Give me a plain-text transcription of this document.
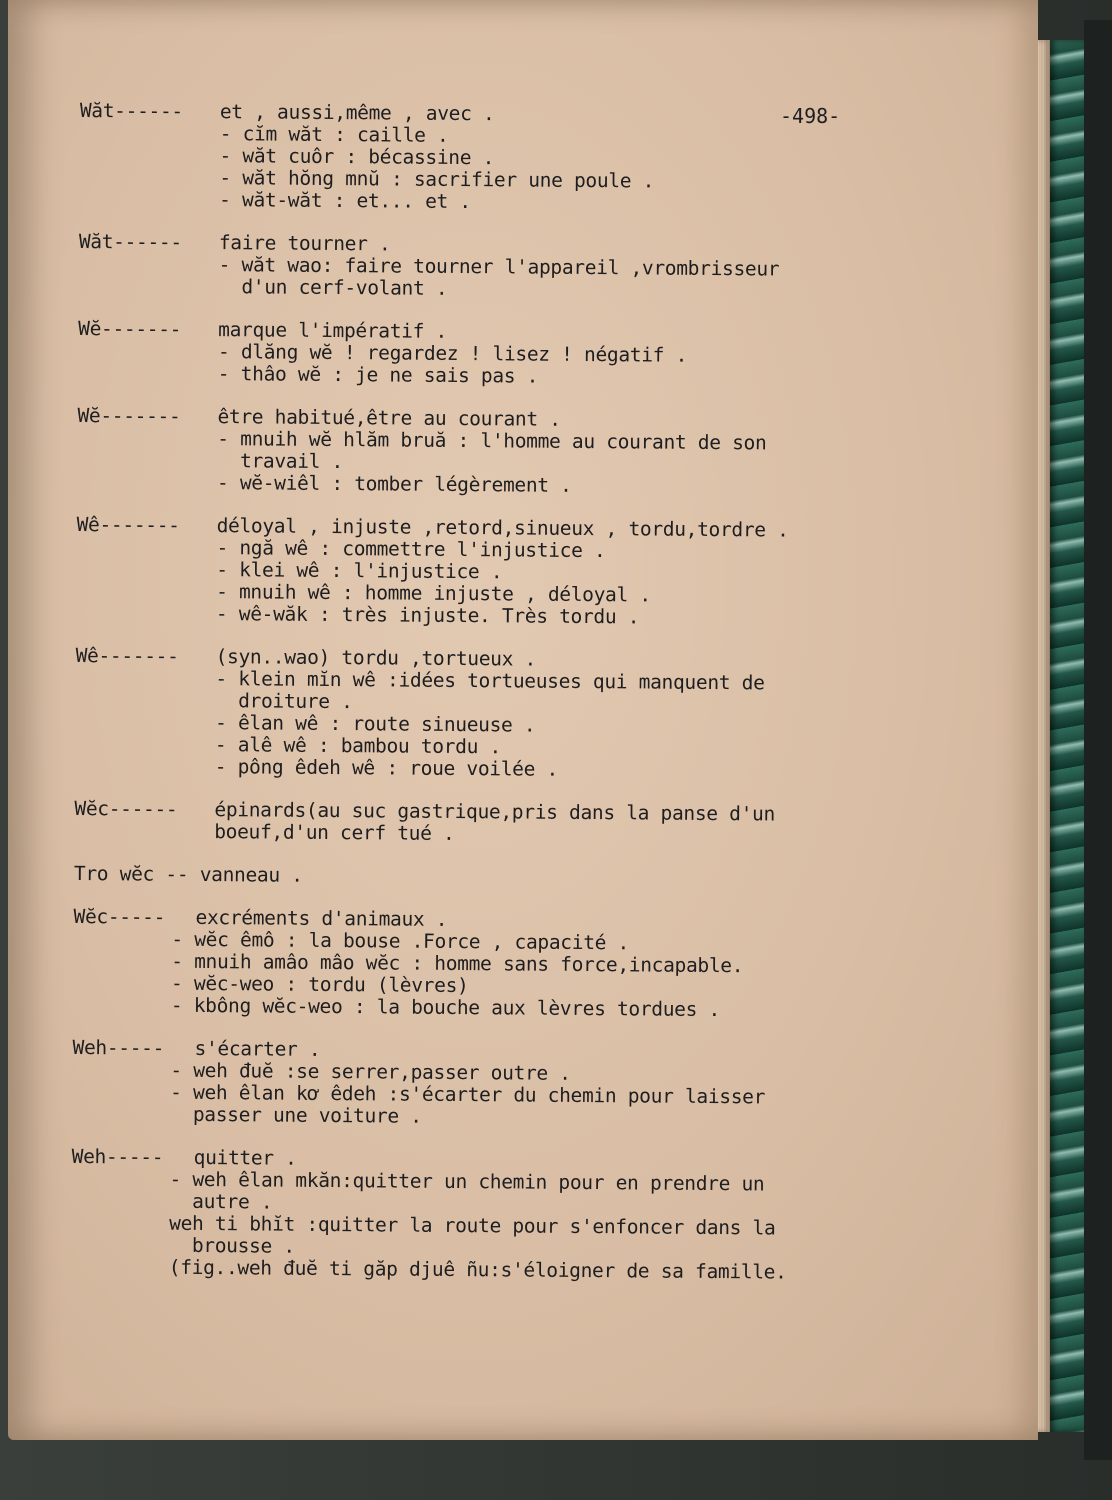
-498-
Wăt------	et , aussi,même , avec .
- cĭm wăt : caille .
- wăt cuôr : bécassine .
- wăt hŏng mnŭ : sacrifier une poule .
- wăt-wăt : et... et .
Wăt------	faire tourner .
- wăt wao: faire tourner l'appareil ,vrombrisseur
d'un cerf-volant .
Wĕ-------	marque l'impératif .
- dlăng wĕ ! regardez ! lisez ! négatif .
- thâo wĕ : je ne sais pas .
Wĕ-------	être habitué,être au courant .
- mnuih wĕ hlăm bruă : l'homme au courant de son
travail .
- wĕ-wiêl : tomber légèrement .
Wê-------	déloyal , injuste ,retord,sinueux , tordu,tordre .
- ngă wê : commettre l'injustice .
- klei wê : l'injustice .
- mnuih wê : homme injuste , déloyal .
- wê-wăk : très injuste. Très tordu .
Wê-------	(syn..wao) tordu ,tortueux .
- klein mĭn wê :idées tortueuses qui manquent de
droiture .
- êlan wê : route sinueuse .
- alê wê : bambou tordu .
- pông êdeh wê : roue voilée .
Wĕc------	épinards(au suc gastrique,pris dans la panse d'un
boeuf,d'un cerf tué .
Tro wĕc -- vanneau .
Wĕc-----	excréments d'animaux .
- wĕc êmô : la bouse .Force , capacité .
- mnuih amâo mâo wĕc : homme sans force,incapable.
- wĕc-weo : tordu (lèvres)
- kbông wĕc-weo : la bouche aux lèvres tordues .
Weh-----	s'écarter .
- weh đuĕ :se serrer,passer outre .
- weh êlan kơ êdeh :s'écarter du chemin pour laisser
passer une voiture .
Weh-----	quitter .
- weh êlan mkăn:quitter un chemin pour en prendre un
autre .
weh ti bhĭt :quitter la route pour s'enfoncer dans la
brousse .
(fig..weh đuĕ ti găp djuê ñu:s'éloigner de sa famille.
